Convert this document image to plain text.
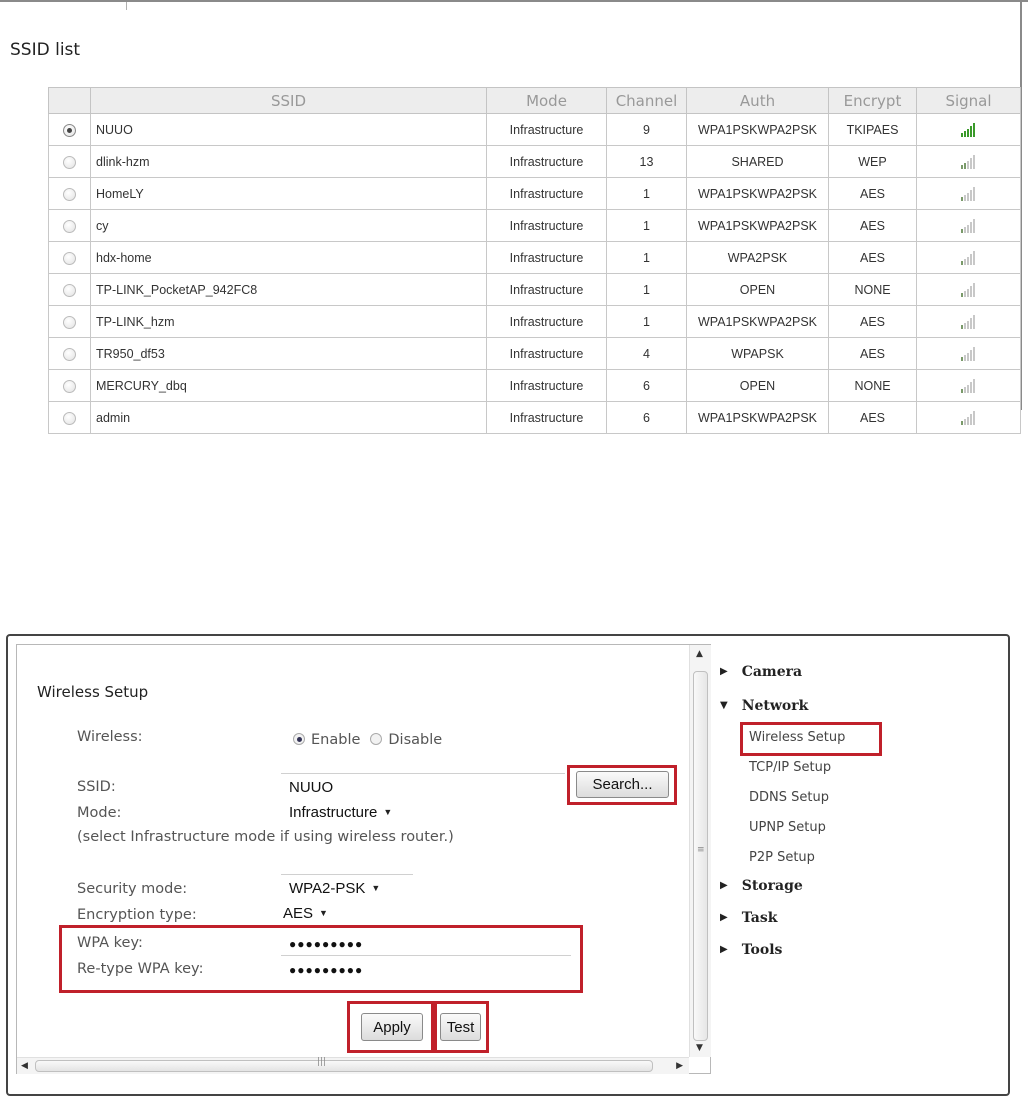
SSID list
	SSID	Mode	Channel	Auth	Encrypt	Signal
	NUUO	Infrastructure	9	WPA1PSKWPA2PSK	TKIPAES	
	dlink-hzm	Infrastructure	13	SHARED	WEP	
	HomeLY	Infrastructure	1	WPA1PSKWPA2PSK	AES	
	cy	Infrastructure	1	WPA1PSKWPA2PSK	AES	
	hdx-home	Infrastructure	1	WPA2PSK	AES	
	TP-LINK_PocketAP_942FC8	Infrastructure	1	OPEN	NONE	
	TP-LINK_hzm	Infrastructure	1	WPA1PSKWPA2PSK	AES	
	TR950_df53	Infrastructure	4	WPAPSK	AES	
	MERCURY_dbq	Infrastructure	6	OPEN	NONE	
	admin	Infrastructure	6	WPA1PSKWPA2PSK	AES	
Wireless Setup
Wireless:	Enable Disable
SSID:	NUUO	Search...
Mode:	Infrastructure ▼
(select Infrastructure mode if using wireless router.)
Security mode:	WPA2-PSK ▼
Encryption type:	AES ▼
WPA key:	●●●●●●●●●
Re-type WPA key:	●●●●●●●●●
Apply	Test
▲
≡
▼
◀	|||	▶
▶ Camera
▼ Network
Wireless Setup
TCP/IP Setup
DDNS Setup
UPNP Setup
P2P Setup
▶ Storage
▶ Task
▶ Tools
